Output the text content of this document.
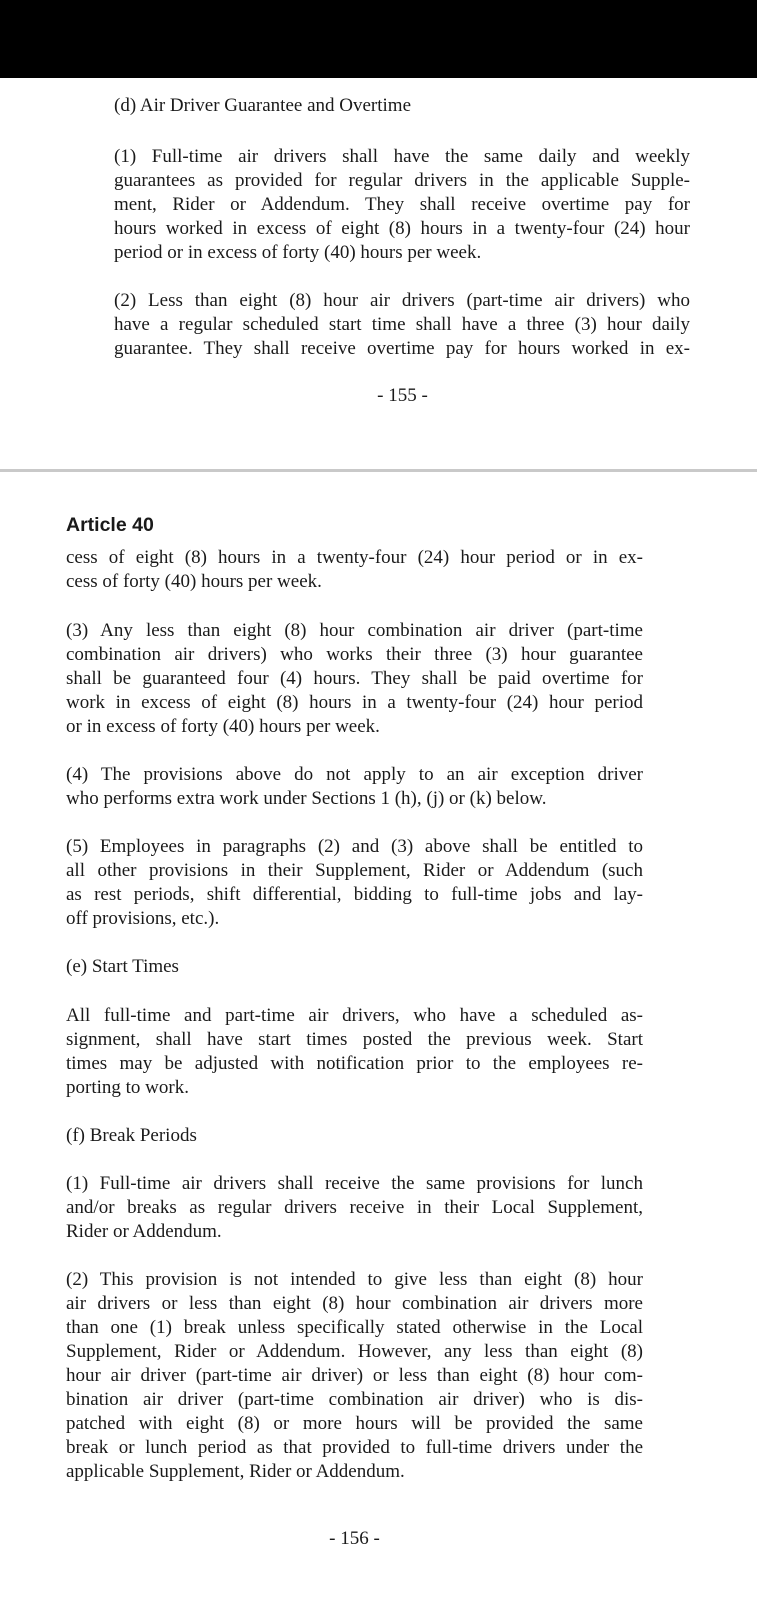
(d) Air Driver Guarantee and Overtime

(1) Full-time air drivers shall have the same daily and weekly
guarantees as provided for regular drivers in the applicable Supple-
ment, Rider or Addendum. They shall receive overtime pay for
hours worked in excess of eight (8) hours in a twenty-four (24) hour
period or in excess of forty (40) hours per week.
(2) Less than eight (8) hour air drivers (part-time air drivers) who
have a regular scheduled start time shall have a three (3) hour daily
guarantee. They shall receive overtime pay for hours worked in ex-

- 155 -

Article 40

cess of eight (8) hours in a twenty-four (24) hour period or in ex-
cess of forty (40) hours per week.
(3) Any less than eight (8) hour combination air driver (part-time
combination air drivers) who works their three (3) hour guarantee
shall be guaranteed four (4) hours. They shall be paid overtime for
work in excess of eight (8) hours in a twenty-four (24) hour period
or in excess of forty (40) hours per week.
(4) The provisions above do not apply to an air exception driver
who performs extra work under Sections 1 (h), (j) or (k) below.
(5) Employees in paragraphs (2) and (3) above shall be entitled to
all other provisions in their Supplement, Rider or Addendum (such
as rest periods, shift differential, bidding to full-time jobs and lay-
off provisions, etc.).

(e) Start Times

All full-time and part-time air drivers, who have a scheduled as-
signment, shall have start times posted the previous week. Start
times may be adjusted with notification prior to the employees re-
porting to work.

(f) Break Periods

(1) Full-time air drivers shall receive the same provisions for lunch
and/or breaks as regular drivers receive in their Local Supplement,
Rider or Addendum.
(2) This provision is not intended to give less than eight (8) hour
air drivers or less than eight (8) hour combination air drivers more
than one (1) break unless specifically stated otherwise in the Local
Supplement, Rider or Addendum. However, any less than eight (8)
hour air driver (part-time air driver) or less than eight (8) hour com-
bination air driver (part-time combination air driver) who is dis-
patched with eight (8) or more hours will be provided the same
break or lunch period as that provided to full-time drivers under the
applicable Supplement, Rider or Addendum.

- 156 -
